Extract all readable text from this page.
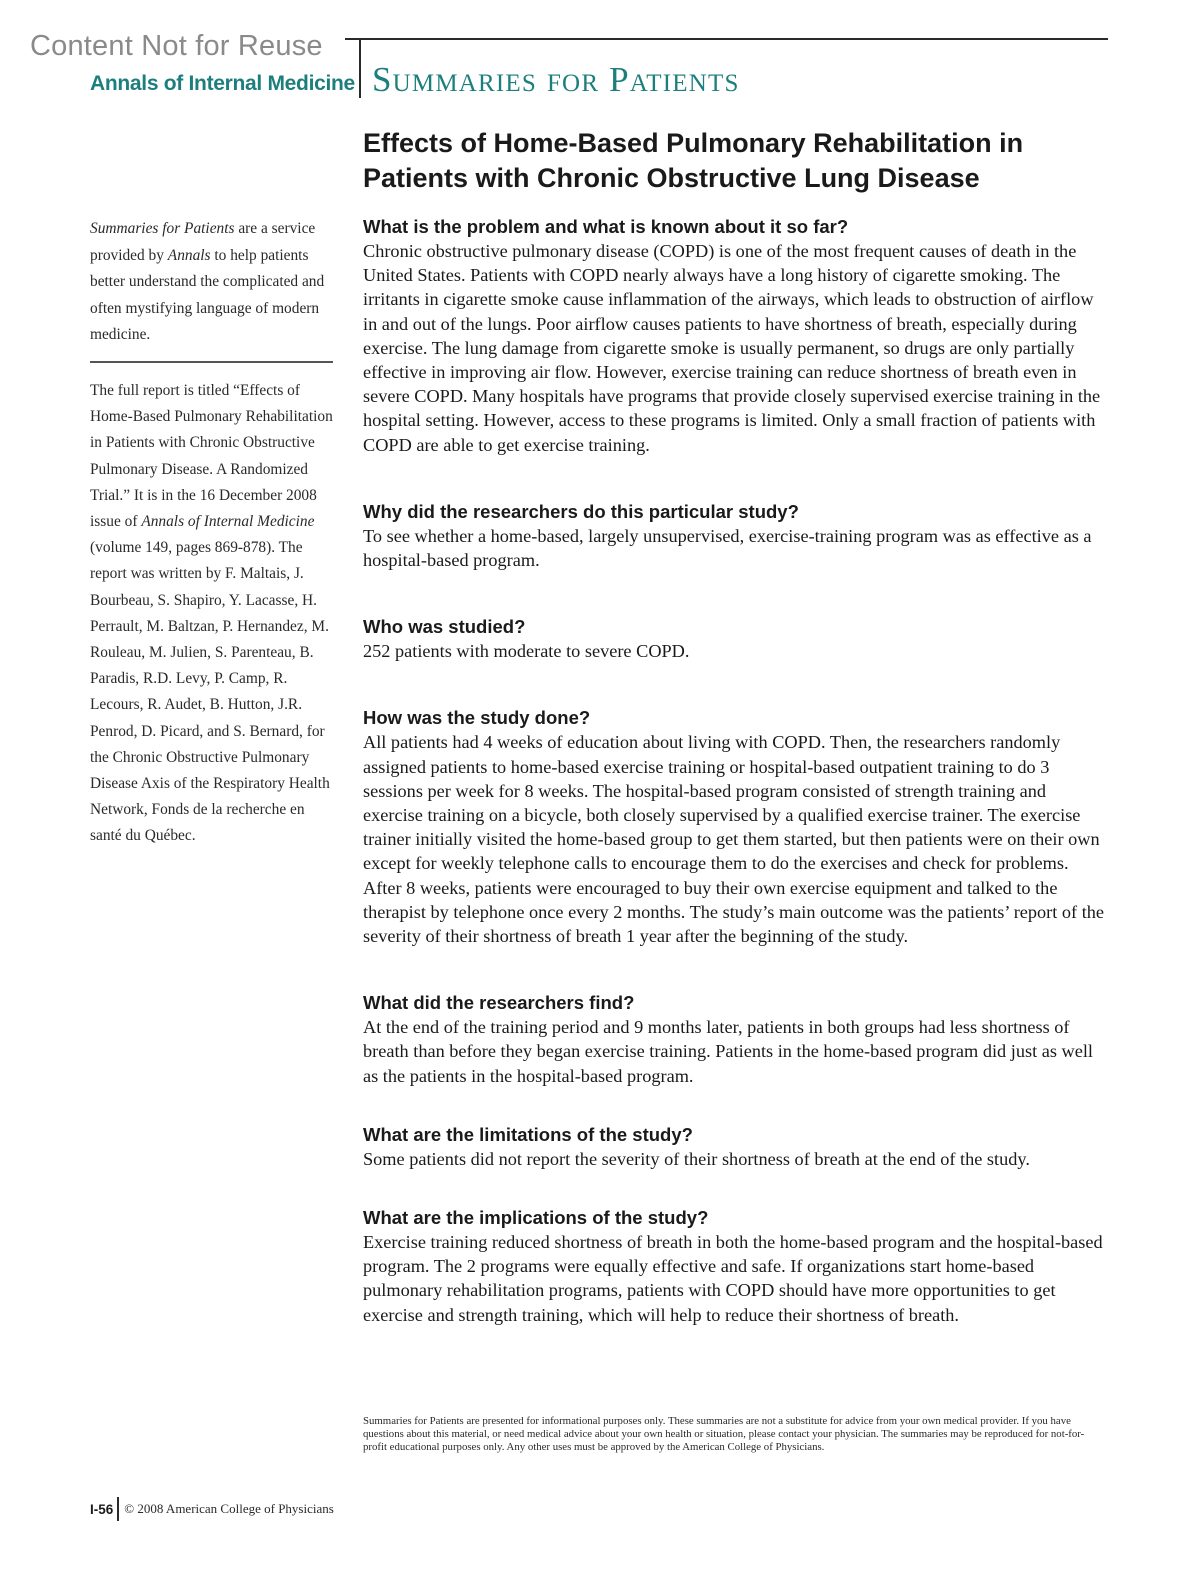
Content Not for Reuse
Annals of Internal Medicine Summaries for Patients
Effects of Home-Based Pulmonary Rehabilitation in Patients with Chronic Obstructive Lung Disease

Summaries for Patients are a service provided by Annals to help patients better understand the complicated and often mystifying language of modern medicine.

The full report is titled “Effects of Home-Based Pulmonary Rehabilitation in Patients with Chronic Obstructive Pulmonary Disease. A Randomized Trial.” It is in the 16 December 2008 issue of Annals of Internal Medicine (volume 149, pages 869-878). The report was written by F. Maltais, J. Bourbeau, S. Shapiro, Y. Lacasse, H. Perrault, M. Baltzan, P. Hernandez, M. Rouleau, M. Julien, S. Parenteau, B. Paradis, R.D. Levy, P. Camp, R. Lecours, R. Audet, B. Hutton, J.R. Penrod, D. Picard, and S. Bernard, for the Chronic Obstructive Pulmonary Disease Axis of the Respiratory Health Network, Fonds de la recherche en santé du Québec.

What is the problem and what is known about it so far?

Chronic obstructive pulmonary disease (COPD) is one of the most frequent causes of death in the United States. Patients with COPD nearly always have a long history of cigarette smoking. The irritants in cigarette smoke cause inflammation of the airways, which leads to obstruction of airflow in and out of the lungs. Poor airflow causes patients to have shortness of breath, especially during exercise. The lung damage from cigarette smoke is usually permanent, so drugs are only partially effective in improving air flow. However, exercise training can reduce shortness of breath even in severe COPD. Many hospitals have programs that provide closely supervised exercise training in the hospital setting. However, access to these programs is limited. Only a small fraction of patients with COPD are able to get exercise training.

Why did the researchers do this particular study?

To see whether a home-based, largely unsupervised, exercise-training program was as effective as a hospital-based program.

Who was studied?

252 patients with moderate to severe COPD.

How was the study done?

All patients had 4 weeks of education about living with COPD. Then, the researchers randomly assigned patients to home-based exercise training or hospital-based outpatient training to do 3 sessions per week for 8 weeks. The hospital-based program consisted of strength training and exercise training on a bicycle, both closely supervised by a qualified exercise trainer. The exercise trainer initially visited the home-based group to get them started, but then patients were on their own except for weekly telephone calls to encourage them to do the exercises and check for problems. After 8 weeks, patients were encouraged to buy their own exercise equipment and talked to the therapist by telephone once every 2 months. The study’s main outcome was the patients’ report of the severity of their shortness of breath 1 year after the beginning of the study.

What did the researchers find?

At the end of the training period and 9 months later, patients in both groups had less shortness of breath than before they began exercise training. Patients in the home-based program did just as well as the patients in the hospital-based program.

What are the limitations of the study?

Some patients did not report the severity of their shortness of breath at the end of the study.

What are the implications of the study?

Exercise training reduced shortness of breath in both the home-based program and the hospital-based program. The 2 programs were equally effective and safe. If organizations start home-based pulmonary rehabilitation programs, patients with COPD should have more opportunities to get exercise and strength training, which will help to reduce their shortness of breath.

Summaries for Patients are presented for informational purposes only. These summaries are not a substitute for advice from your own medical provider. If you have questions about this material, or need medical advice about your own health or situation, please contact your physician. The summaries may be reproduced for not-for-profit educational purposes only. Any other uses must be approved by the American College of Physicians.

I-56 © 2008 American College of Physicians
